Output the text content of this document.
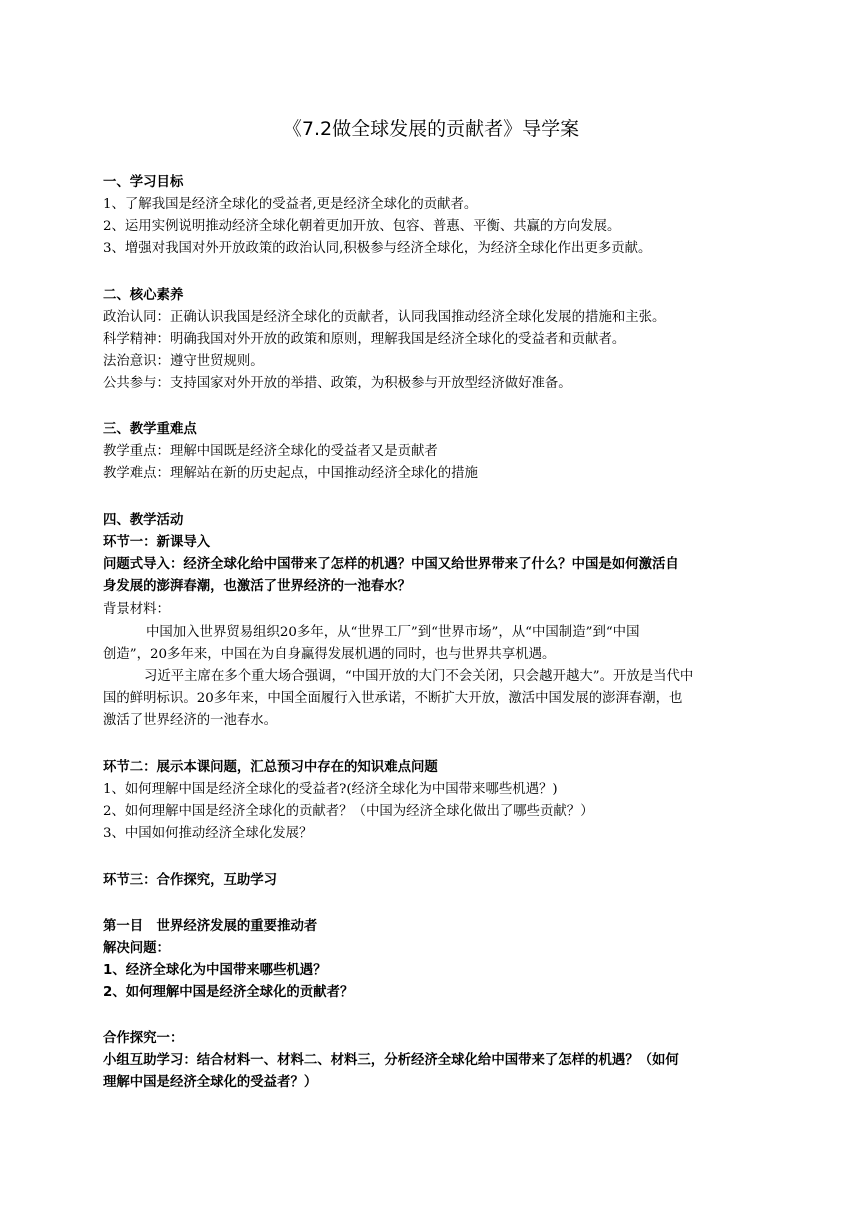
《7.2做全球发展的贡献者》导学案
一、学习目标
1、了解我国是经济全球化的受益者,更是经济全球化的贡献者。
2、运用实例说明推动经济全球化朝着更加开放、包容、普惠、平衡、共赢的方向发展。
3、增强对我国对外开放政策的政治认同,积极参与经济全球化，为经济全球化作出更多贡献。
二、核心素养
政治认同：正确认识我国是经济全球化的贡献者，认同我国推动经济全球化发展的措施和主张。
科学精神：明确我国对外开放的政策和原则，理解我国是经济全球化的受益者和贡献者。
法治意识：遵守世贸规则。
公共参与：支持国家对外开放的举措、政策，为积极参与开放型经济做好准备。
三、教学重难点
教学重点：理解中国既是经济全球化的受益者又是贡献者
教学难点：理解站在新的历史起点，中国推动经济全球化的措施
四、教学活动
环节一：新课导入
问题式导入：经济全球化给中国带来了怎样的机遇？中国又给世界带来了什么？中国是如何激活自
身发展的澎湃春潮，也激活了世界经济的一池春水？
背景材料：
中国加入世界贸易组织20多年，从“世界工厂”到“世界市场”，从“中国制造”到“中国
创造”，20多年来，中国在为自身赢得发展机遇的同时，也与世界共享机遇。
习近平主席在多个重大场合强调，“中国开放的大门不会关闭，只会越开越大”。开放是当代中
国的鲜明标识。20多年来，中国全面履行入世承诺，不断扩大开放，激活中国发展的澎湃春潮，也
激活了世界经济的一池春水。
环节二：展示本课问题，汇总预习中存在的知识难点问题
1、如何理解中国是经济全球化的受益者?(经济全球化为中国带来哪些机遇？)
2、如何理解中国是经济全球化的贡献者？（中国为经济全球化做出了哪些贡献？）
3、中国如何推动经济全球化发展？
环节三：合作探究，互助学习
第一目　世界经济发展的重要推动者
解决问题：
1、经济全球化为中国带来哪些机遇？
2、如何理解中国是经济全球化的贡献者？
合作探究一：
小组互助学习：结合材料一、材料二、材料三，分析经济全球化给中国带来了怎样的机遇？（如何
理解中国是经济全球化的受益者？）
